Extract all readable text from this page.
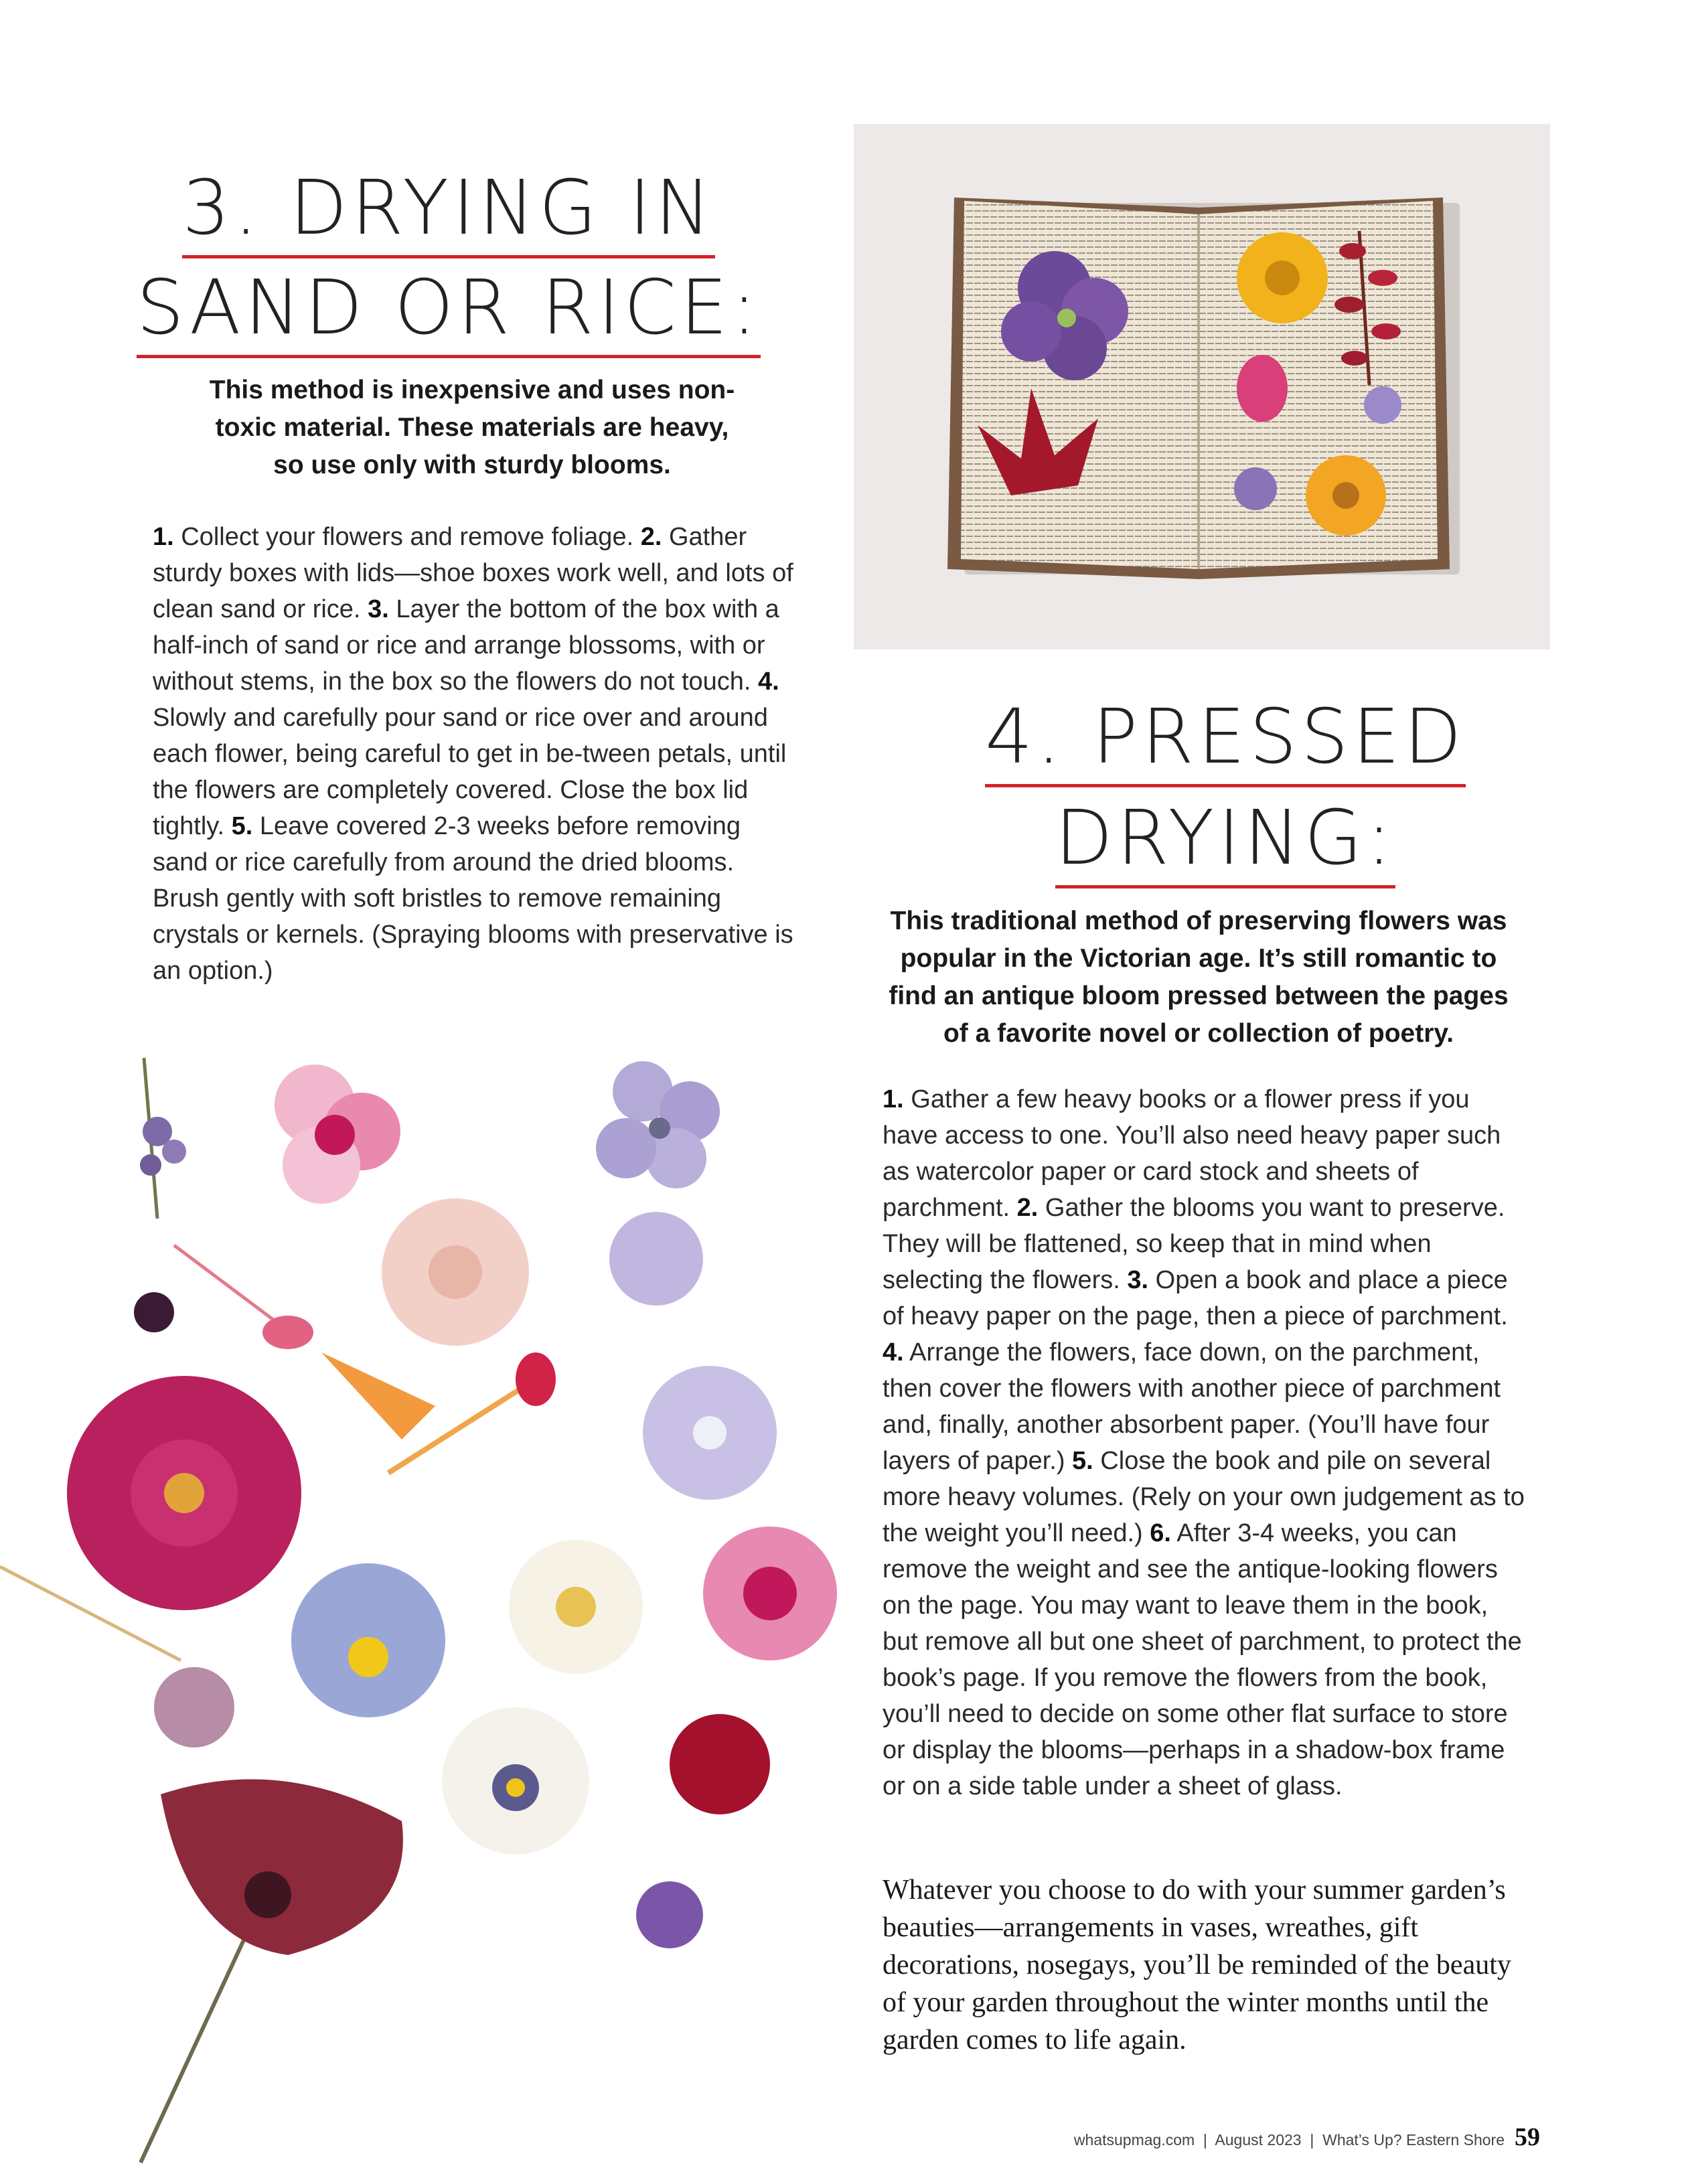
3. DRYING IN
SAND OR RICE:
This method is inexpensive and uses non-toxic material. These materials are heavy, so use only with sturdy blooms.
1. Collect your flowers and remove foliage. 2. Gather sturdy boxes with lids—shoe boxes work well, and lots of clean sand or rice. 3. Layer the bottom of the box with a half-inch of sand or rice and arrange blossoms, with or without stems, in the box so the flowers do not touch. 4. Slowly and carefully pour sand or rice over and around each flower, being careful to get in be-tween petals, until the flowers are completely covered. Close the box lid tightly. 5. Leave covered 2-3 weeks before removing sand or rice carefully from around the dried blooms. Brush gently with soft bristles to remove remaining crystals or kernels. (Spraying blooms with preservative is an option.)
4. PRESSED
DRYING:
This traditional method of preserving flowers was popular in the Victorian age. It’s still romantic to find an antique bloom pressed between the pages of a favorite novel or collection of poetry.
1. Gather a few heavy books or a flower press if you have access to one. You’ll also need heavy paper such as watercolor paper or card stock and sheets of parchment. 2. Gather the blooms you want to preserve. They will be flattened, so keep that in mind when selecting the flowers. 3. Open a book and place a piece of heavy paper on the page, then a piece of parchment. 4. Arrange the flowers, face down, on the parchment, then cover the flowers with another piece of parchment and, finally, another absorbent paper. (You’ll have four layers of paper.) 5. Close the book and pile on several more heavy volumes. (Rely on your own judgement as to the weight you’ll need.) 6. After 3-4 weeks, you can remove the weight and see the antique-looking flowers on the page. You may want to leave them in the book, but remove all but one sheet of parchment, to protect the book’s page. If you remove the flowers from the book, you’ll need to decide on some other flat surface to store or display the blooms—perhaps in a shadow-box frame or on a side table under a sheet of glass.
Whatever you choose to do with your summer garden’s beauties—arrangements in vases, wreathes, gift decorations, nosegays, you’ll be reminded of the beauty of your garden throughout the winter months until the garden comes to life again.
whatsupmag.com  |  August 2023  |  What’s Up? Eastern Shore 59
